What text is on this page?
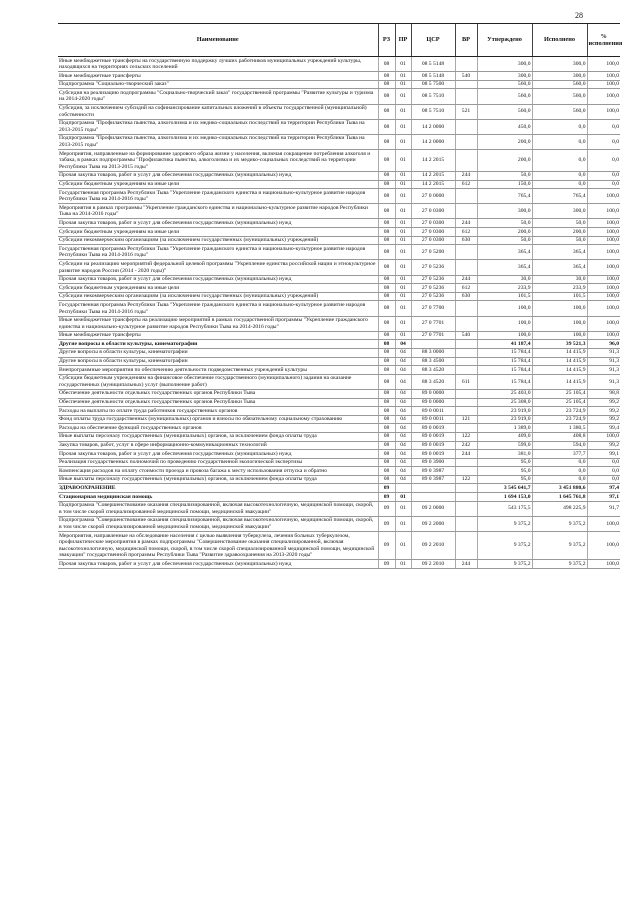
28
Наименование	РЗ	ПР	ЦСР	ВР	Утверждено	Исполнено	% исполнения
Иные межбюджетные трансферты на государственную поддержку лучших работников муниципальных учреждений культуры, находящихся на территориях сельских поселений	08	01	08 5 5148		300,0	300,0	100,0
Иные межбюджетные трансферты	08	01	08 5 5148	540	300,0	300,0	100,0
Подпрограмма "Социально-творческий заказ"	08	01	08 5 7500		560,0	560,0	100,0
Субсидия на реализацию подпрограммы "Социально-творческий заказ" государственной программы "Развитие культуры и туризма на 2014-2020 годы"	08	01	08 5 7510		560,0	560,0	100,0
Субсидия, за исключением субсидий на софинансирование капитальных вложений в объекты государственной (муниципальной) собственности	08	01	08 5 7510	521	560,0	560,0	100,0
Подпрограмма "Профилактика пьянства, алкоголизма и их медико-социальных последствий на территории Республики Тыва на 2013-2015 годы"	08	01	14 2 0000		450,0	0,0	0,0
Подпрограмма "Профилактика пьянства, алкоголизма и их медико-социальных последствий на территории Республики Тыва на 2013-2015 годы"	08	01	14 2 0000		200,0	0,0	0,0
Мероприятия, направленные на формирование здорового образа жизни у населения, включая сокращение потребления алкоголя и табака, в рамках подпрограммы "Профилактика пьянства, алкоголизма и их медико-социальных последствий на территории Республики Тыва на 2013-2015 годы"	08	01	14 2 2015		200,0	0,0	0,0
Прочая закупка товаров, работ и услуг для обеспечения государственных (муниципальных) нужд	08	01	14 2 2015	244	50,0	0,0	0,0
Субсидии бюджетным учреждениям на иные цели	08	01	14 2 2015	612	150,0	0,0	0,0
Государственная программа Республики Тыва "Укрепление гражданского единства и национально-культурное развитие народов Республики Тыва на 2014-2016 годы"	08	01	27 0 0000		765,4	765,4	100,0
Мероприятия в рамках программы "Укрепление гражданского единства и национально-культурное развитие народов Республики Тыва на 2014-2016 годы"	08	01	27 0 0300		300,0	300,0	100,0
Прочая закупка товаров, работ и услуг для обеспечения государственных (муниципальных) нужд	08	01	27 0 0300	244	50,0	50,0	100,0
Субсидии бюджетным учреждениям на иные цели	08	01	27 0 0300	612	200,0	200,0	100,0
Субсидии некоммерческим организациям (за исключением государственных (муниципальных) учреждений)	08	01	27 0 0300	630	50,0	50,0	100,0
Государственная программа Республики Тыва "Укрепление гражданского единства и национально-культурное развитие народов Республики Тыва на 2014-2016 годы"	08	01	27 0 5200		365,4	365,4	100,0
Субсидии на реализацию мероприятий федеральной целевой программы "Укрепление единства российской нации и этнокультурное развитие народов России (2014 - 2020 годы)"	08	01	27 0 5236		365,4	365,4	100,0
Прочая закупка товаров, работ и услуг для обеспечения государственных (муниципальных) нужд	08	01	27 0 5236	244	30,0	30,0	100,0
Субсидии бюджетным учреждениям на иные цели	08	01	27 0 5236	612	233,9	233,9	100,0
Субсидии некоммерческим организациям (за исключением государственных (муниципальных) учреждений)	08	01	27 0 5236	630	101,5	101,5	100,0
Государственная программа Республики Тыва "Укрепление гражданского единства и национально-культурное развитие народов Республики Тыва на 2014-2016 годы"	08	01	27 0 7700		100,0	100,0	100,0
Иные межбюджетные трансферты на реализацию мероприятий в рамках государственной программы "Укрепление гражданского единства и национально-культурное развитие народов Республики Тыва на 2014-2016 годы"	08	01	27 0 7701		100,0	100,0	100,0
Иные межбюджетные трансферты	08	01	27 0 7701	540	100,0	100,0	100,0
Другие вопросы в области культуры, кинематографии	08	04			41 187,4	39 521,3	96,0
Другие вопросы в области культуры, кинематографии	08	04	88 3 0000		15 784,4	14 415,9	91,3
Другие вопросы в области культуры, кинематографии	08	04	88 3 4500		15 784,4	14 415,9	91,3
Внепрограммные мероприятия по обеспечению деятельности подведомственных учреждений культуры	08	04	88 3 4520		15 784,4	14 415,9	91,3
Субсидии бюджетным учреждениям на финансовое обеспечение государственного (муниципального) задания на оказание государственных (муниципальных) услуг (выполнение работ)	08	04	88 3 4520	611	15 784,4	14 415,9	91,3
Обеспечение деятельности отдельных государственных органов Республики Тыва	08	04	89 0 0000		25 403,0	25 105,4	98,8
Обеспечение деятельности отдельных государственных органов Республики Тыва	08	04	89 0 0000		25 308,0	25 105,4	99,2
Расходы на выплаты по оплате труда работников государственных органов	08	04	89 0 0011		23 919,0	23 724,9	99,2
Фонд оплаты труда государственных (муниципальных) органов и взносы по обязательному социальному страхованию	08	04	89 0 0011	121	23 919,0	23 724,9	99,2
Расходы на обеспечение функций государственных органов	08	04	89 0 0019		1 389,0	1 380,5	99,4
Иные выплаты персоналу государственных (муниципальных) органов, за исключением фонда оплаты труда	08	04	89 0 0019	122	409,0	408,8	100,0
Закупка товаров, работ, услуг в сфере информационно-коммуникационных технологий	08	04	89 0 0019	242	599,0	594,0	99,2
Прочая закупка товаров, работ и услуг для обеспечения государственных (муниципальных) нужд	08	04	89 0 0019	244	381,0	377,7	99,1
Реализация государственных полномочий по проведению государственной экологической экспертизы	08	04	89 0 3900		95,0	0,0	0,0
Компенсация расходов на оплату стоимости проезда и провоза багажа к месту использования отпуска и обратно	08	04	89 0 3987		95,0	0,0	0,0
Иные выплаты персоналу государственных (муниципальных) органов, за исключением фонда оплаты труда	08	04	89 0 3987	122	95,0	0,0	0,0
ЗДРАВООХРАНЕНИЕ	09				3 545 641,7	3 451 880,6	97,4
Стационарная медицинская помощь	09	01			1 694 153,0	1 645 761,8	97,1
Подпрограмма "Совершенствование оказания специализированной, включая высокотехнологичную, медицинской помощи, скорой, в том числе скорой специализированной медицинской помощи, медицинской эвакуации"	09	01	09 2 0000		543 175,5	498 225,9	91,7
Подпрограмма "Совершенствование оказания специализированной, включая высокотехнологичную, медицинской помощи, скорой, в том числе скорой специализированной медицинской помощи, медицинской эвакуации"	09	01	09 2 2000		9 375,2	9 375,2	100,0
Мероприятия, направленные на обследование населения с целью выявления туберкулеза, лечения больных туберкулезом, профилактические мероприятия в рамках подпрограммы "Совершенствование оказания специализированной, включая высокотехнологичную, медицинской помощи, скорой, в том числе скорой специализированной медицинской помощи, медицинской эвакуации" государственной программы Республики Тыва "Развитие здравоохранения на 2013-2020 годы"	09	01	09 2 2010		9 375,2	9 375,2	100,0
Прочая закупка товаров, работ и услуг для обеспечения государственных (муниципальных) нужд	09	01	09 2 2010	244	9 375,2	9 375,2	100,0
